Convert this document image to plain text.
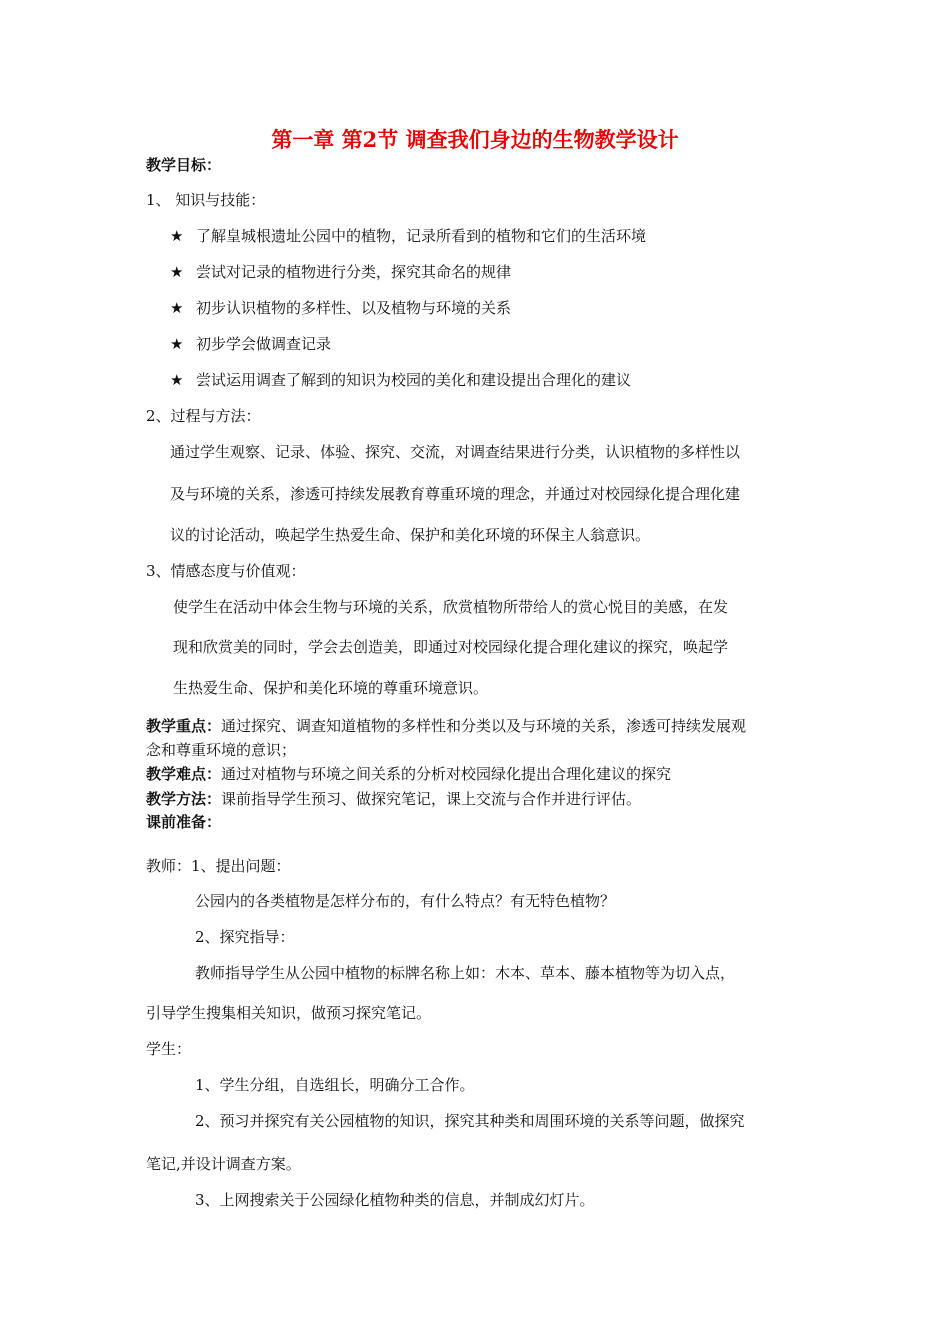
第一章 第2节 调查我们身边的生物教学设计
教学目标：
1、 知识与技能：
★ 了解皇城根遗址公园中的植物，记录所看到的植物和它们的生活环境
★ 尝试对记录的植物进行分类，探究其命名的规律
★ 初步认识植物的多样性、以及植物与环境的关系
★ 初步学会做调查记录
★ 尝试运用调查了解到的知识为校园的美化和建设提出合理化的建议
2、过程与方法：
通过学生观察、记录、体验、探究、交流，对调查结果进行分类，认识植物的多样性以
及与环境的关系，渗透可持续发展教育尊重环境的理念，并通过对校园绿化提合理化建
议的讨论活动，唤起学生热爱生命、保护和美化环境的环保主人翁意识。
3、情感态度与价值观：
使学生在活动中体会生物与环境的关系，欣赏植物所带给人的赏心悦目的美感，在发
现和欣赏美的同时，学会去创造美，即通过对校园绿化提合理化建议的探究，唤起学
生热爱生命、保护和美化环境的尊重环境意识。
教学重点：通过探究、调查知道植物的多样性和分类以及与环境的关系，渗透可持续发展观
念和尊重环境的意识；
教学难点：通过对植物与环境之间关系的分析对校园绿化提出合理化建议的探究
教学方法：课前指导学生预习、做探究笔记，课上交流与合作并进行评估。
课前准备：
教师：1、提出问题：
公园内的各类植物是怎样分布的，有什么特点？有无特色植物？
2、探究指导：
教师指导学生从公园中植物的标牌名称上如：木本、草本、藤本植物等为切入点，
引导学生搜集相关知识，做预习探究笔记。
学生：
1、学生分组，自选组长，明确分工合作。
2、预习并探究有关公园植物的知识，探究其种类和周围环境的关系等问题，做探究
笔记,并设计调查方案。
3、上网搜索关于公园绿化植物种类的信息，并制成幻灯片。
